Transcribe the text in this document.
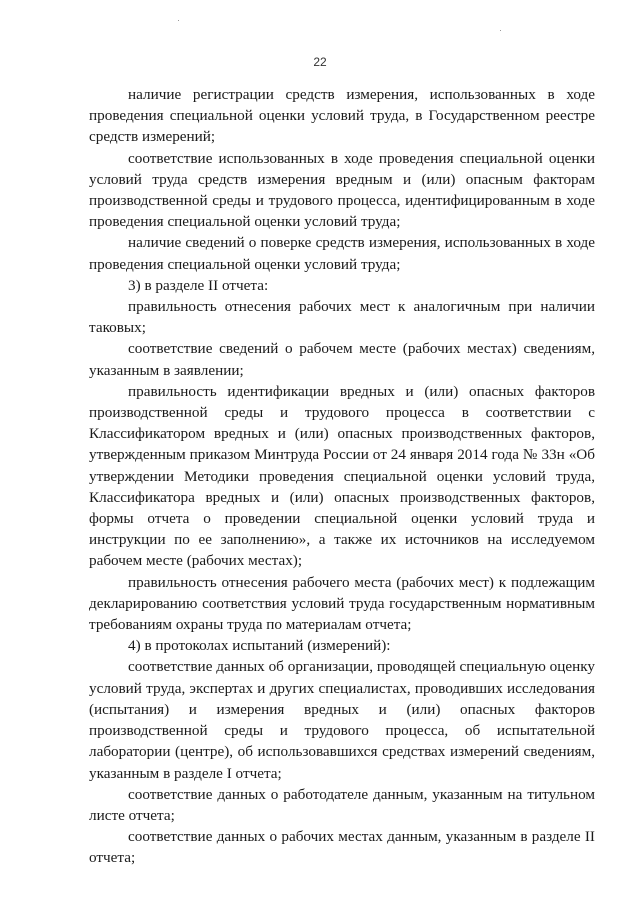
22

наличие регистрации средств измерения, использованных в ходе проведения специальной оценки условий труда, в Государственном реестре средств измерений;

соответствие использованных в ходе проведения специальной оценки условий труда средств измерения вредным и (или) опасным факторам производственной среды и трудового процесса, идентифицированным в ходе проведения специальной оценки условий труда;

наличие сведений о поверке средств измерения, использованных в ходе проведения специальной оценки условий труда;

3) в разделе II отчета:

правильность отнесения рабочих мест к аналогичным при наличии таковых;

соответствие сведений о рабочем месте (рабочих местах) сведениям, указанным в заявлении;

правильность идентификации вредных и (или) опасных факторов производственной среды и трудового процесса в соответствии с Классификатором вредных и (или) опасных производственных факторов, утвержденным приказом Минтруда России от 24 января 2014 года № 33н «Об утверждении Методики проведения специальной оценки условий труда, Классификатора вредных и (или) опасных производственных факторов, формы отчета о проведении специальной оценки условий труда и инструкции по ее заполнению», а также их источников на исследуемом рабочем месте (рабочих местах);

правильность отнесения рабочего места (рабочих мест) к подлежащим декларированию соответствия условий труда государственным нормативным требованиям охраны труда по материалам отчета;

4) в протоколах испытаний (измерений):

соответствие данных об организации, проводящей специальную оценку условий труда, экспертах и других специалистах, проводивших исследования (испытания) и измерения вредных и (или) опасных факторов производственной среды и трудового процесса, об испытательной лаборатории (центре), об использовавшихся средствах измерений сведениям, указанным в разделе I отчета;

соответствие данных о работодателе данным, указанным на титульном листе отчета;

соответствие данных о рабочих местах данным, указанным в разделе II отчета;
